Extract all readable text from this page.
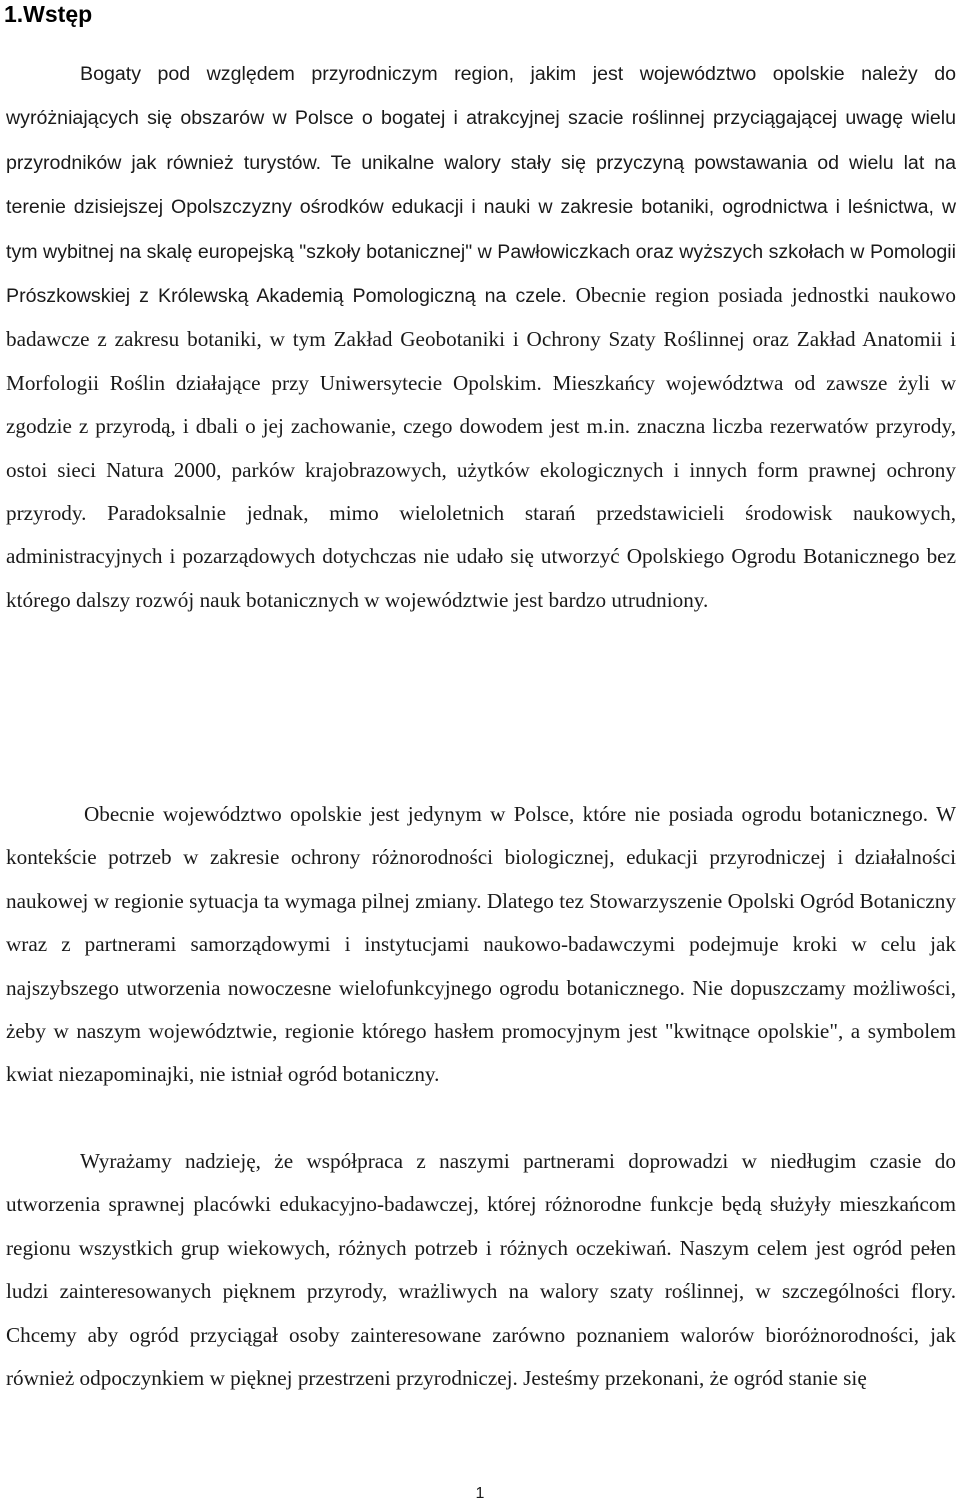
1.Wstęp

Bogaty pod względem przyrodniczym region, jakim jest województwo opolskie należy do wyróżniających się obszarów w Polsce o bogatej i atrakcyjnej szacie roślinnej przyciągającej uwagę wielu przyrodników jak również turystów. Te unikalne walory stały się przyczyną powstawania od wielu lat na terenie dzisiejszej Opolszczyzny ośrodków edukacji i nauki w zakresie botaniki, ogrodnictwa i leśnictwa, w tym wybitnej na skalę europejską "szkoły botanicznej" w Pawłowiczkach oraz wyższych szkołach w Pomologii Prószkowskiej z Królewską Akademią Pomologiczną na czele. Obecnie region posiada jednostki naukowo badawcze z zakresu botaniki, w tym Zakład Geobotaniki i Ochrony Szaty Roślinnej oraz Zakład Anatomii i Morfologii Roślin działające przy Uniwersytecie Opolskim. Mieszkańcy województwa od zawsze żyli w zgodzie z przyrodą, i dbali o jej zachowanie, czego dowodem jest m.in. znaczna liczba rezerwatów przyrody, ostoi sieci Natura 2000, parków krajobrazowych, użytków ekologicznych i innych form prawnej ochrony przyrody. Paradoksalnie jednak, mimo wieloletnich starań przedstawicieli środowisk naukowych, administracyjnych i pozarządowych dotychczas nie udało się utworzyć Opolskiego Ogrodu Botanicznego bez którego dalszy rozwój nauk botanicznych w województwie jest bardzo utrudniony.

Obecnie województwo opolskie jest jedynym w Polsce, które nie posiada ogrodu botanicznego. W kontekście potrzeb w zakresie ochrony różnorodności biologicznej, edukacji przyrodniczej i działalności naukowej w regionie sytuacja ta wymaga pilnej zmiany. Dlatego tez Stowarzyszenie Opolski Ogród Botaniczny wraz z partnerami samorządowymi i instytucjami naukowo-badawczymi podejmuje kroki w celu jak najszybszego utworzenia nowoczesne wielofunkcyjnego ogrodu botanicznego. Nie dopuszczamy możliwości, żeby w naszym województwie, regionie którego hasłem promocyjnym jest "kwitnące opolskie", a symbolem kwiat niezapominajki, nie istniał ogród botaniczny.

Wyrażamy nadzieję, że współpraca z naszymi partnerami doprowadzi w niedługim czasie do utworzenia sprawnej placówki edukacyjno-badawczej, której różnorodne funkcje będą służyły mieszkańcom regionu wszystkich grup wiekowych, różnych potrzeb i różnych oczekiwań. Naszym celem jest ogród pełen ludzi zainteresowanych pięknem przyrody, wrażliwych na walory szaty roślinnej, w szczególności flory. Chcemy aby ogród przyciągał osoby zainteresowane zarówno poznaniem walorów bioróżnorodności, jak również odpoczynkiem w pięknej przestrzeni przyrodniczej. Jesteśmy przekonani, że ogród stanie się

1
